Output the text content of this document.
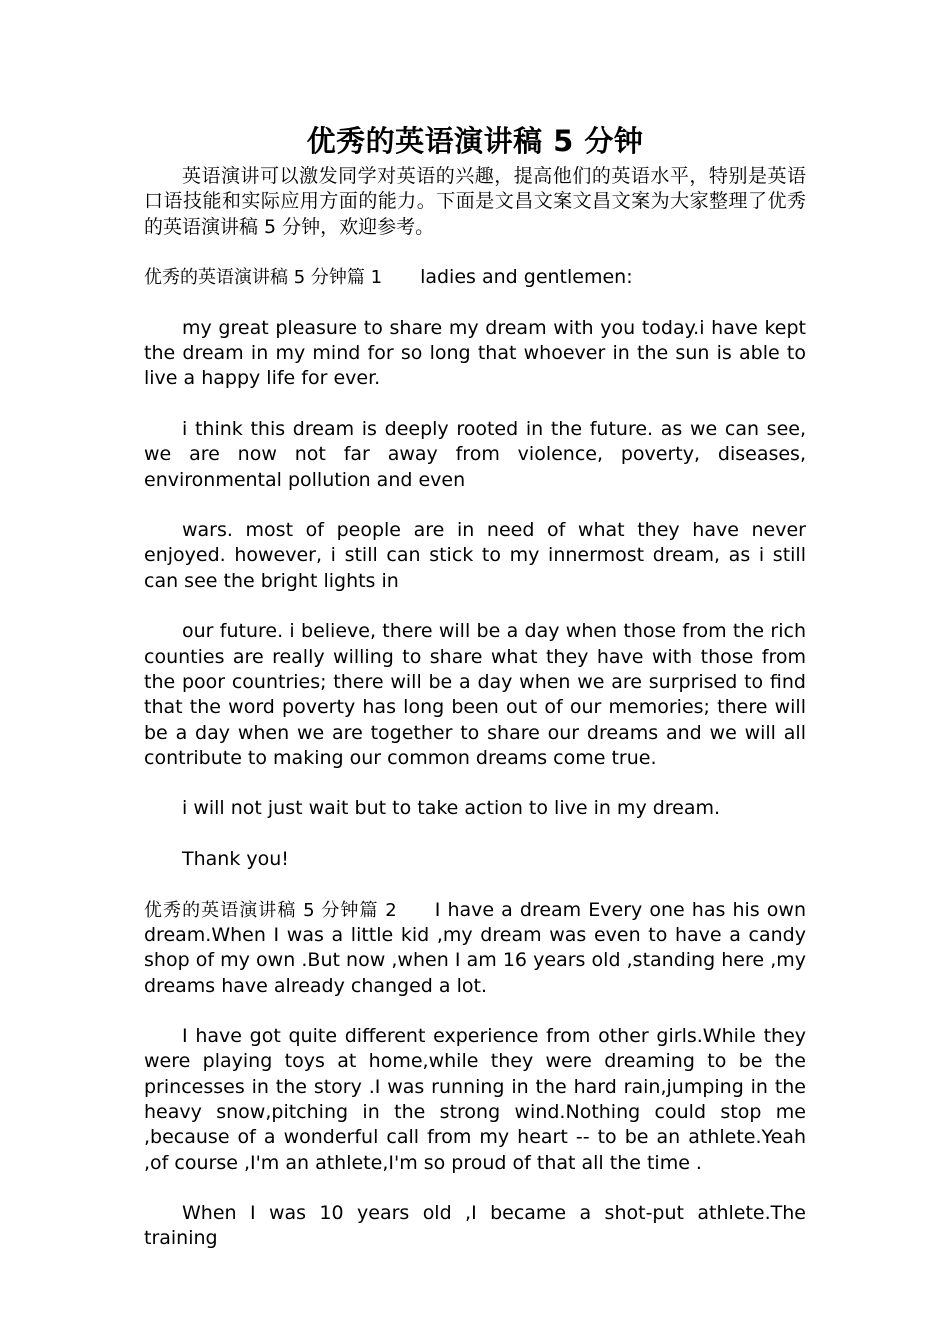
优秀的英语演讲稿 5 分钟

英语演讲可以激发同学对英语的兴趣，提高他们的英语水平，特别是英语口语技能和实际应用方面的能力。下面是文昌文案文昌文案为大家整理了优秀的英语演讲稿 5 分钟，欢迎参考。

优秀的英语演讲稿 5 分钟篇 1 ladies and gentlemen:

my great pleasure to share my dream with you today.i have kept the dream in my mind for so long that whoever in the sun is able to live a happy life for ever.

i think this dream is deeply rooted in the future. as we can see, we are now not far away from violence, poverty, diseases, environmental pollution and even

wars. most of people are in need of what they have never enjoyed. however, i still can stick to my innermost dream, as i still can see the bright lights in

our future. i believe, there will be a day when those from the rich counties are really willing to share what they have with those from the poor countries; there will be a day when we are surprised to find that the word poverty has long been out of our memories; there will be a day when we are together to share our dreams and we will all contribute to making our common dreams come true.

i will not just wait but to take action to live in my dream.

Thank you!

优秀的英语演讲稿 5 分钟篇 2 I have a dream Every one has his own dream.When I was a little kid ,my dream was even to have a candy shop of my own .But now ,when I am 16 years old ,standing here ,my dreams have already changed a lot.

I have got quite different experience from other girls.While they were playing toys at home,while they were dreaming to be the princesses in the story .I was running in the hard rain,jumping in the heavy snow,pitching in the strong wind.Nothing could stop me ,because of a wonderful call from my heart -- to be an athlete.Yeah ,of course ,I'm an athlete,I'm so proud of that all the time .

When I was 10 years old ,I became a shot-put athlete.The training
